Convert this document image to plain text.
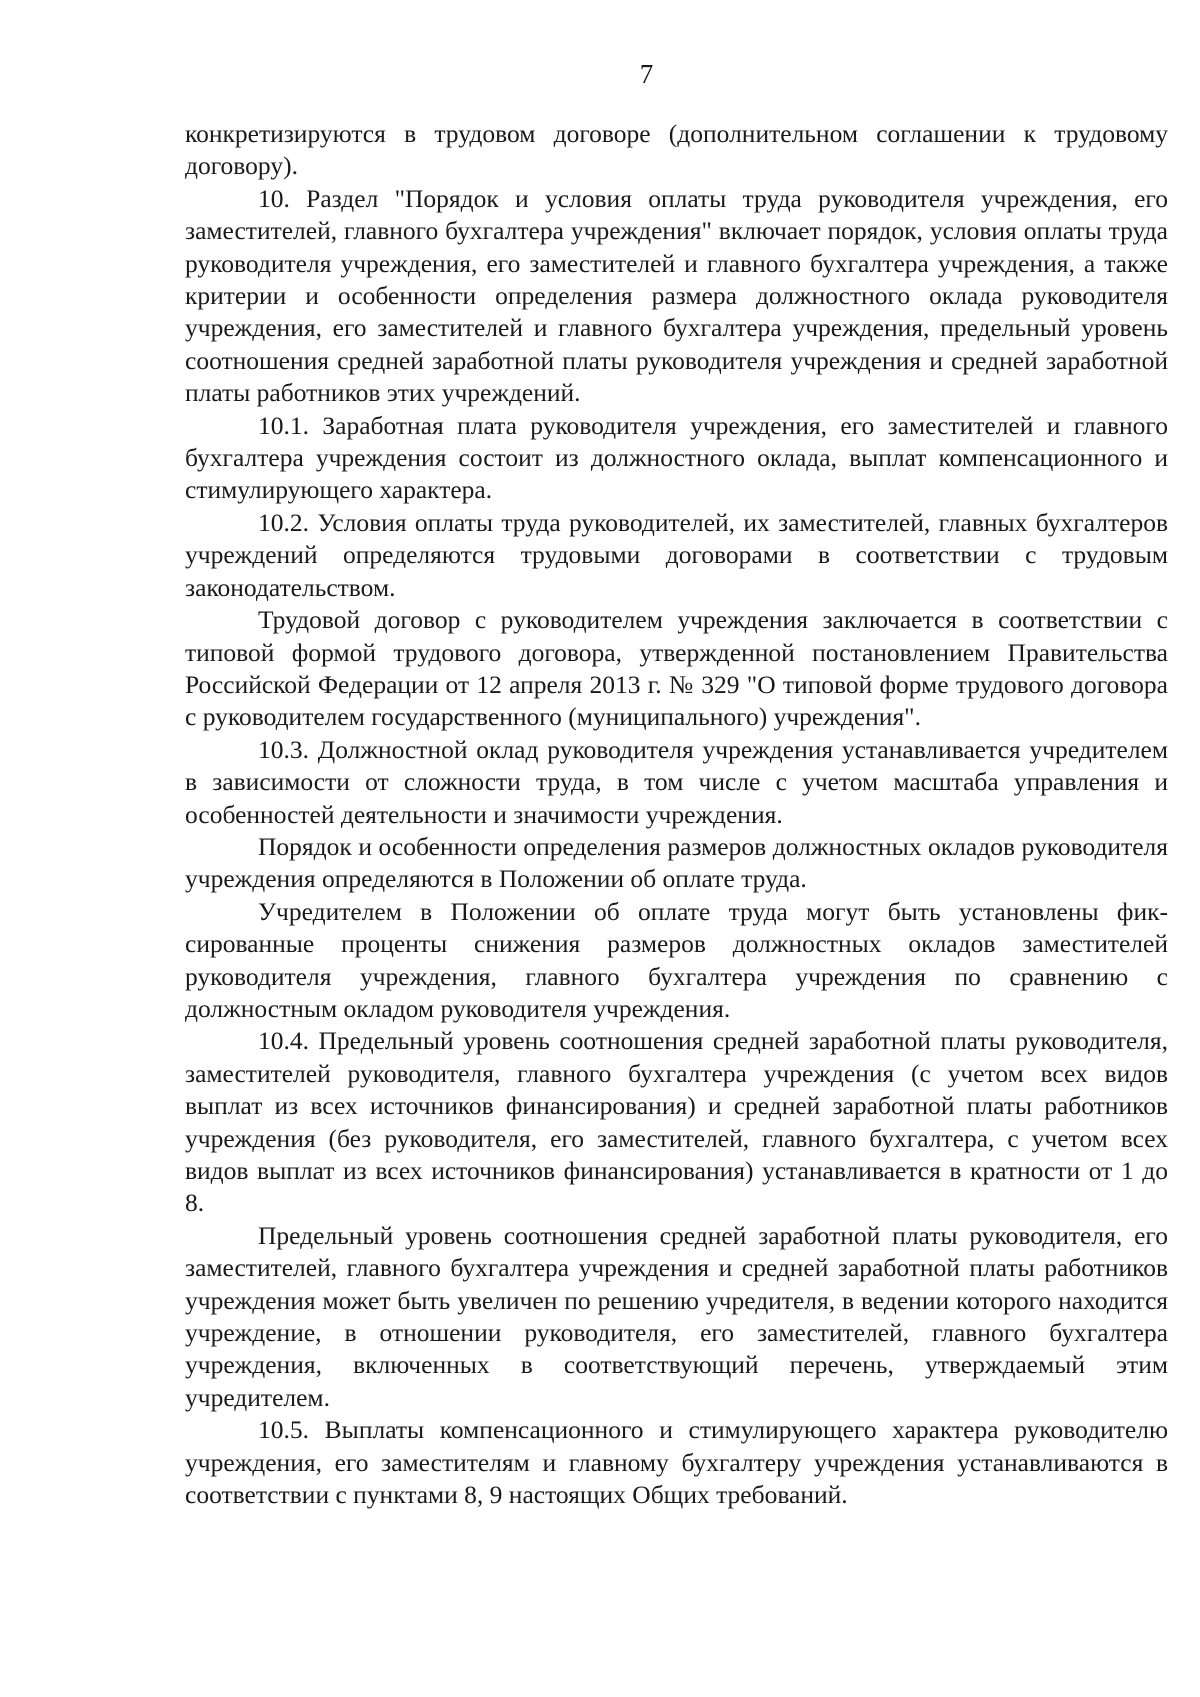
7

конкретизируются в трудовом договоре (дополнительном соглашении к трудовому договору).

10. Раздел "Порядок и условия оплаты труда руководителя учреждения, его заместителей, главного бухгалтера учреждения" включает порядок, условия оплаты труда руководителя учреждения, его заместителей и главного бухгалтера учреждения, а также критерии и особенности определения размера должностного оклада руководителя учреждения, его заместителей и главного бухгалтера учреждения, предельный уровень соотношения средней заработной платы руководителя учреждения и средней заработной платы работников этих учреждений.

10.1. Заработная плата руководителя учреждения, его заместителей и главного бухгалтера учреждения состоит из должностного оклада, выплат компенсационного и стимулирующего характера.

10.2. Условия оплаты труда руководителей, их заместителей, главных бухгалтеров учреждений определяются трудовыми договорами в соответствии с трудовым законодательством.

Трудовой договор с руководителем учреждения заключается в соответствии с типовой формой трудового договора, утвержденной постановлением Правительства Российской Федерации от 12 апреля 2013 г. № 329 "О типовой форме трудового договора с руководителем государственного (муниципального) учреждения".

10.3. Должностной оклад руководителя учреждения устанавливается учредителем в зависимости от сложности труда, в том числе с учетом масштаба управления и особенностей деятельности и значимости учреждения.

Порядок и особенности определения размеров должностных окладов руководителя учреждения определяются в Положении об оплате труда.

Учредителем в Положении об оплате труда могут быть установлены фиксированные проценты снижения размеров должностных окладов заместителей руководителя учреждения, главного бухгалтера учреждения по сравнению с должностным окладом руководителя учреждения.

10.4. Предельный уровень соотношения средней заработной платы руководителя, заместителей руководителя, главного бухгалтера учреждения (с учетом всех видов выплат из всех источников финансирования) и средней заработной платы работников учреждения (без руководителя, его заместителей, главного бухгалтера, с учетом всех видов выплат из всех источников финансирования) устанавливается в кратности от 1 до 8.

Предельный уровень соотношения средней заработной платы руководителя, его заместителей, главного бухгалтера учреждения и средней заработной платы работников учреждения может быть увеличен по решению учредителя, в ведении которого находится учреждение, в отношении руководителя, его заместителей, главного бухгалтера учреждения, включенных в соответствующий перечень, утверждаемый этим учредителем.

10.5. Выплаты компенсационного и стимулирующего характера руководителю учреждения, его заместителям и главному бухгалтеру учреждения устанавливаются в соответствии с пунктами 8, 9 настоящих Общих требований.
